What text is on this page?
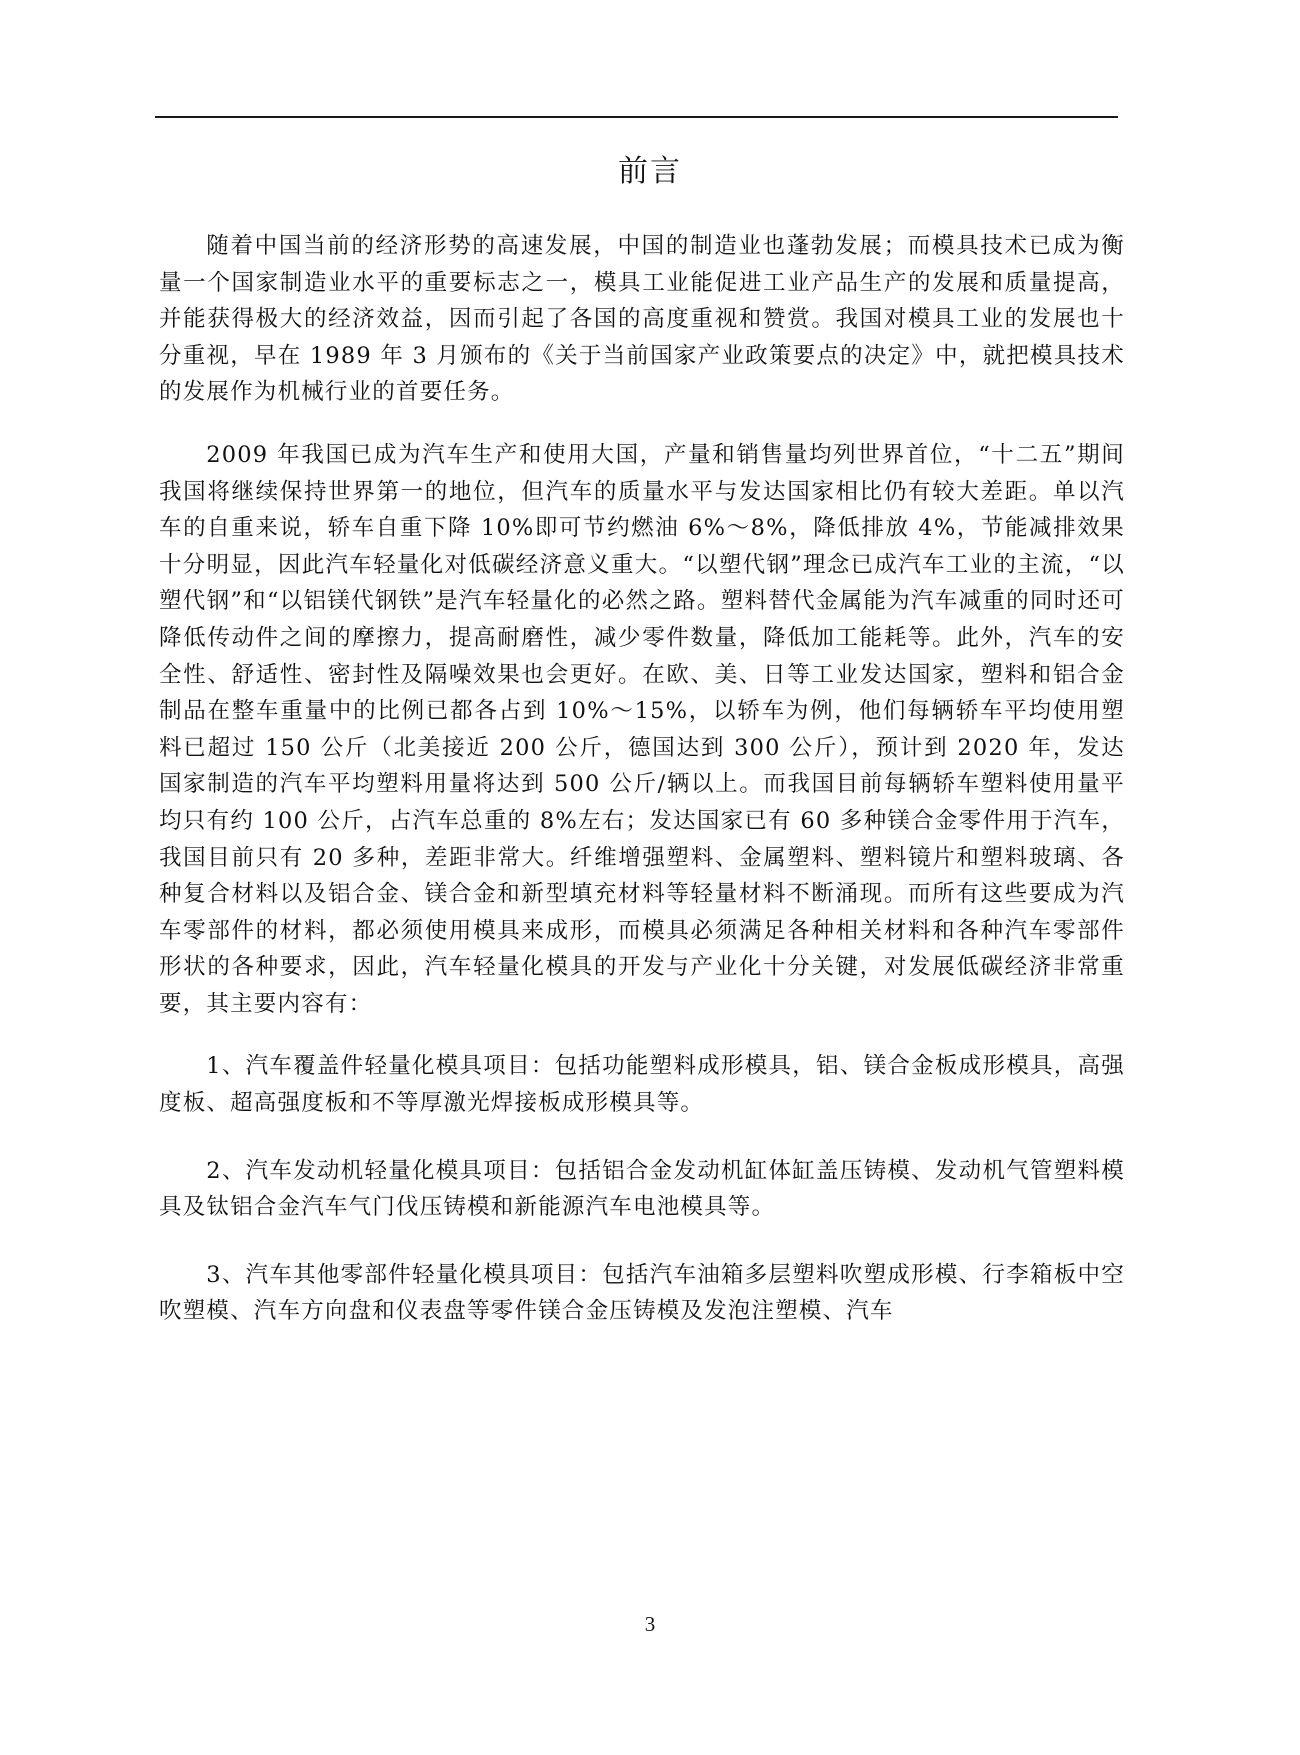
前言

随着中国当前的经济形势的高速发展，中国的制造业也蓬勃发展；而模具技术已成为衡量一个国家制造业水平的重要标志之一，模具工业能促进工业产品生产的发展和质量提高，并能获得极大的经济效益，因而引起了各国的高度重视和赞赏。我国对模具工业的发展也十分重视，早在 1989 年 3 月颁布的《关于当前国家产业政策要点的决定》中，就把模具技术的发展作为机械行业的首要任务。

2009 年我国已成为汽车生产和使用大国，产量和销售量均列世界首位，“十二五”期间我国将继续保持世界第一的地位，但汽车的质量水平与发达国家相比仍有较大差距。单以汽车的自重来说，轿车自重下降 10%即可节约燃油 6%～8%，降低排放 4%，节能减排效果十分明显，因此汽车轻量化对低碳经济意义重大。“以塑代钢”理念已成汽车工业的主流，“以塑代钢”和“以铝镁代钢铁”是汽车轻量化的必然之路。塑料替代金属能为汽车减重的同时还可降低传动件之间的摩擦力，提高耐磨性，减少零件数量，降低加工能耗等。此外，汽车的安全性、舒适性、密封性及隔噪效果也会更好。在欧、美、日等工业发达国家，塑料和铝合金制品在整车重量中的比例已都各占到 10%～15%，以轿车为例，他们每辆轿车平均使用塑料已超过 150 公斤（北美接近 200 公斤，德国达到 300 公斤），预计到 2020 年，发达国家制造的汽车平均塑料用量将达到 500 公斤/辆以上。而我国目前每辆轿车塑料使用量平均只有约 100 公斤，占汽车总重的 8%左右；发达国家已有 60 多种镁合金零件用于汽车，我国目前只有 20 多种，差距非常大。纤维增强塑料、金属塑料、塑料镜片和塑料玻璃、各种复合材料以及铝合金、镁合金和新型填充材料等轻量材料不断涌现。而所有这些要成为汽车零部件的材料，都必须使用模具来成形，而模具必须满足各种相关材料和各种汽车零部件形状的各种要求，因此，汽车轻量化模具的开发与产业化十分关键，对发展低碳经济非常重要，其主要内容有：

1、汽车覆盖件轻量化模具项目：包括功能塑料成形模具，铝、镁合金板成形模具，高强度板、超高强度板和不等厚激光焊接板成形模具等。

2、汽车发动机轻量化模具项目：包括铝合金发动机缸体缸盖压铸模、发动机气管塑料模具及钛铝合金汽车气门伐压铸模和新能源汽车电池模具等。

3、汽车其他零部件轻量化模具项目：包括汽车油箱多层塑料吹塑成形模、行李箱板中空吹塑模、汽车方向盘和仪表盘等零件镁合金压铸模及发泡注塑模、汽车

3
